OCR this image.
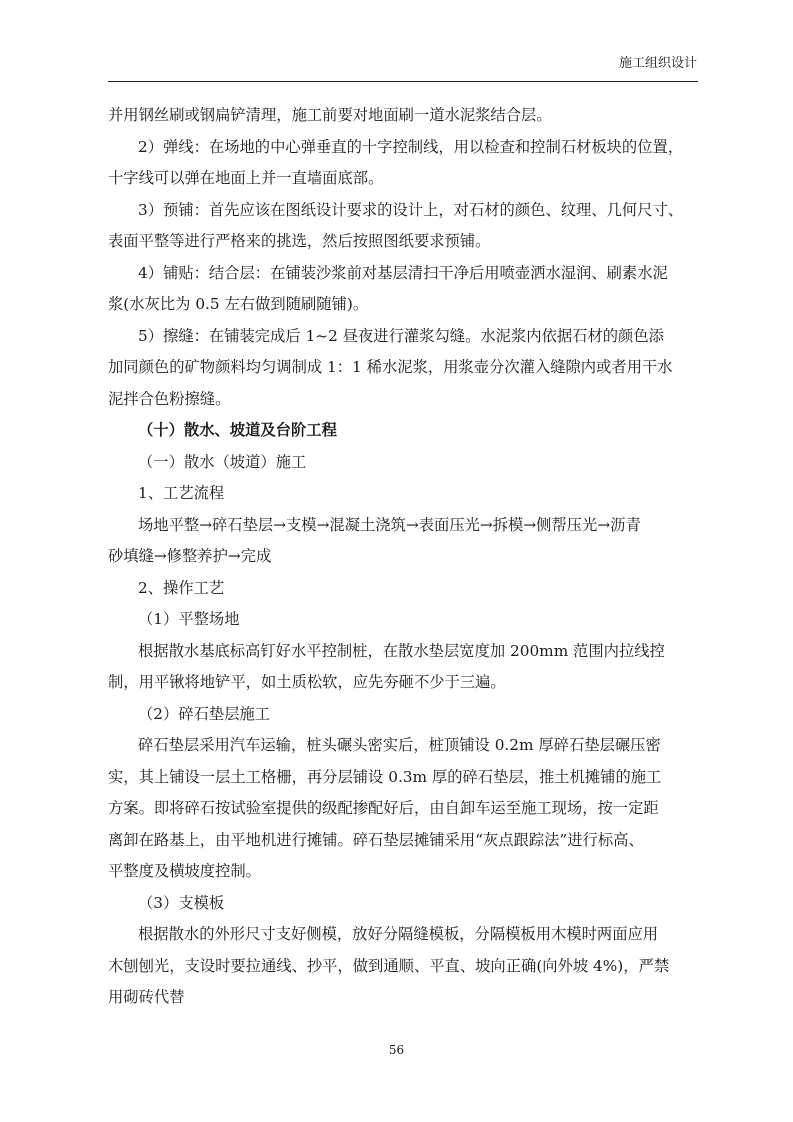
施工组织设计
并用钢丝刷或钢扁铲清理，施工前要对地面刷一道水泥浆结合层。
2）弹线：在场地的中心弹垂直的十字控制线，用以检查和控制石材板块的位置，
十字线可以弹在地面上并一直墙面底部。
3）预铺：首先应该在图纸设计要求的设计上，对石材的颜色、纹理、几何尺寸、
表面平整等进行严格来的挑选，然后按照图纸要求预铺。
4）铺贴：结合层：在铺装沙浆前对基层清扫干净后用喷壶洒水湿润、刷素水泥
浆(水灰比为 0.5 左右做到随刷随铺)。
5）擦缝：在铺装完成后 1~2 昼夜进行灌浆勾缝。水泥浆内依据石材的颜色添
加同颜色的矿物颜料均匀调制成 1：1 稀水泥浆，用浆壶分次灌入缝隙内或者用干水
泥拌合色粉擦缝。
（十）散水、坡道及台阶工程
（一）散水（坡道）施工
1、工艺流程
场地平整→碎石垫层→支模→混凝土浇筑→表面压光→拆模→侧帮压光→沥青
砂填缝→修整养护→完成
2、操作工艺
（1）平整场地
根据散水基底标高钉好水平控制桩，在散水垫层宽度加 200mm 范围内拉线控
制，用平锹将地铲平，如土质松软，应先夯砸不少于三遍。
（2）碎石垫层施工
碎石垫层采用汽车运输，桩头碾头密实后，桩顶铺设 0.2m 厚碎石垫层碾压密
实，其上铺设一层土工格栅，再分层铺设 0.3m 厚的碎石垫层，推土机摊铺的施工
方案。即将碎石按试验室提供的级配掺配好后，由自卸车运至施工现场，按一定距
离卸在路基上，由平地机进行摊铺。碎石垫层摊铺采用“灰点跟踪法”进行标高、
平整度及横坡度控制。
（3）支模板
根据散水的外形尺寸支好侧模，放好分隔缝模板，分隔模板用木模时两面应用
木刨刨光，支设时要拉通线、抄平，做到通顺、平直、坡向正确(向外坡 4%)，严禁
用砌砖代替
56
